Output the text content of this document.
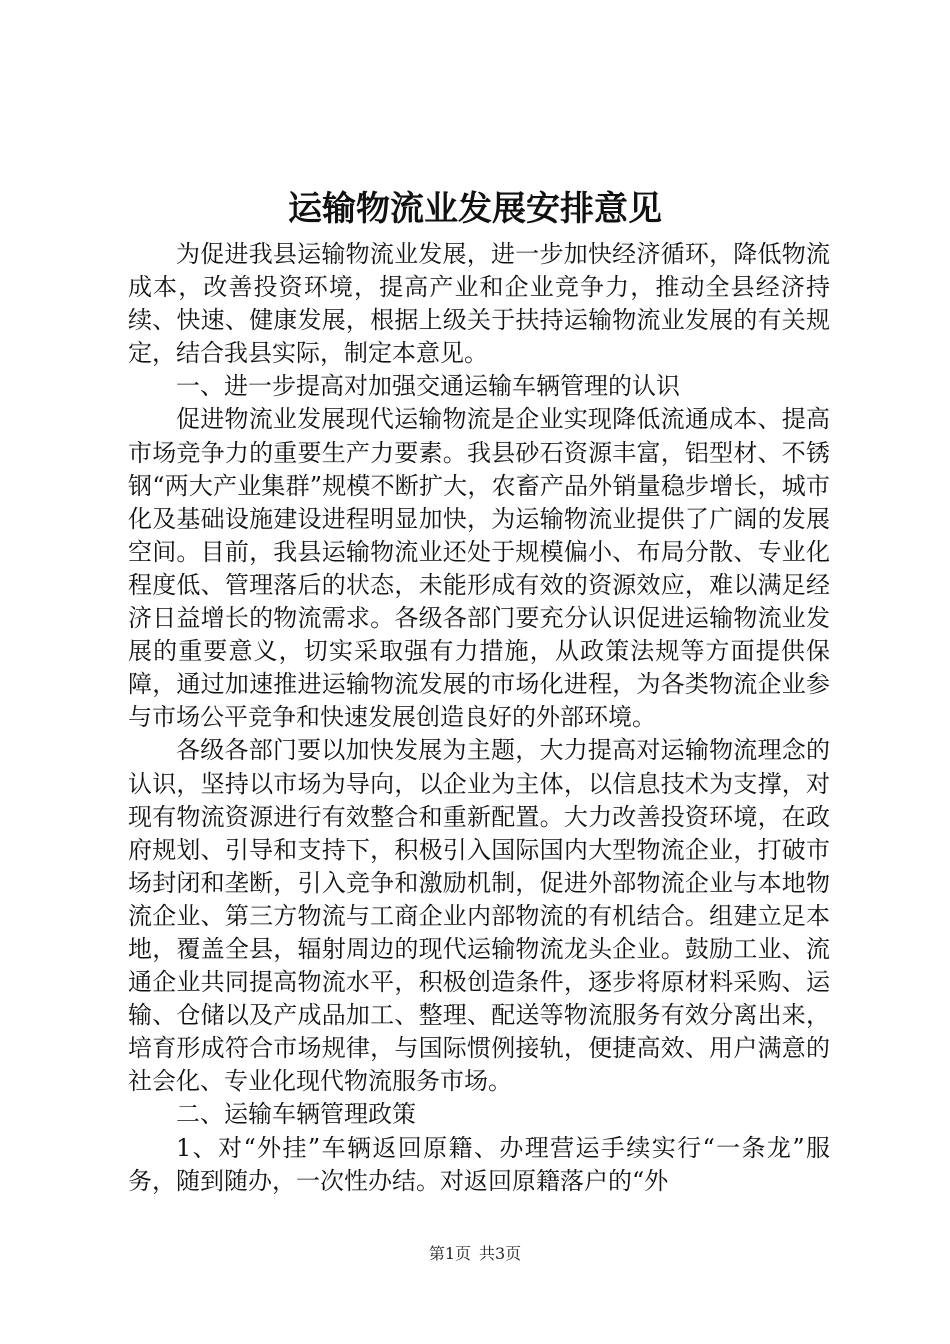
运输物流业发展安排意见

为促进我县运输物流业发展，进一步加快经济循环，降低物流成本，改善投资环境，提高产业和企业竞争力，推动全县经济持续、快速、健康发展，根据上级关于扶持运输物流业发展的有关规定，结合我县实际，制定本意见。

一、进一步提高对加强交通运输车辆管理的认识

促进物流业发展现代运输物流是企业实现降低流通成本、提高市场竞争力的重要生产力要素。我县砂石资源丰富，铝型材、不锈钢“两大产业集群”规模不断扩大，农畜产品外销量稳步增长，城市化及基础设施建设进程明显加快，为运输物流业提供了广阔的发展空间。目前，我县运输物流业还处于规模偏小、布局分散、专业化程度低、管理落后的状态，未能形成有效的资源效应，难以满足经济日益增长的物流需求。各级各部门要充分认识促进运输物流业发展的重要意义，切实采取强有力措施，从政策法规等方面提供保障，通过加速推进运输物流发展的市场化进程，为各类物流企业参与市场公平竞争和快速发展创造良好的外部环境。

各级各部门要以加快发展为主题，大力提高对运输物流理念的认识，坚持以市场为导向，以企业为主体，以信息技术为支撑，对现有物流资源进行有效整合和重新配置。大力改善投资环境，在政府规划、引导和支持下，积极引入国际国内大型物流企业，打破市场封闭和垄断，引入竞争和激励机制，促进外部物流企业与本地物流企业、第三方物流与工商企业内部物流的有机结合。组建立足本地，覆盖全县，辐射周边的现代运输物流龙头企业。鼓励工业、流通企业共同提高物流水平，积极创造条件，逐步将原材料采购、运输、仓储以及产成品加工、整理、配送等物流服务有效分离出来，培育形成符合市场规律，与国际惯例接轨，便捷高效、用户满意的社会化、专业化现代物流服务市场。

二、运输车辆管理政策

1、对“外挂”车辆返回原籍、办理营运手续实行“一条龙”服务，随到随办，一次性办结。对返回原籍落户的“外

第1页 共3页
